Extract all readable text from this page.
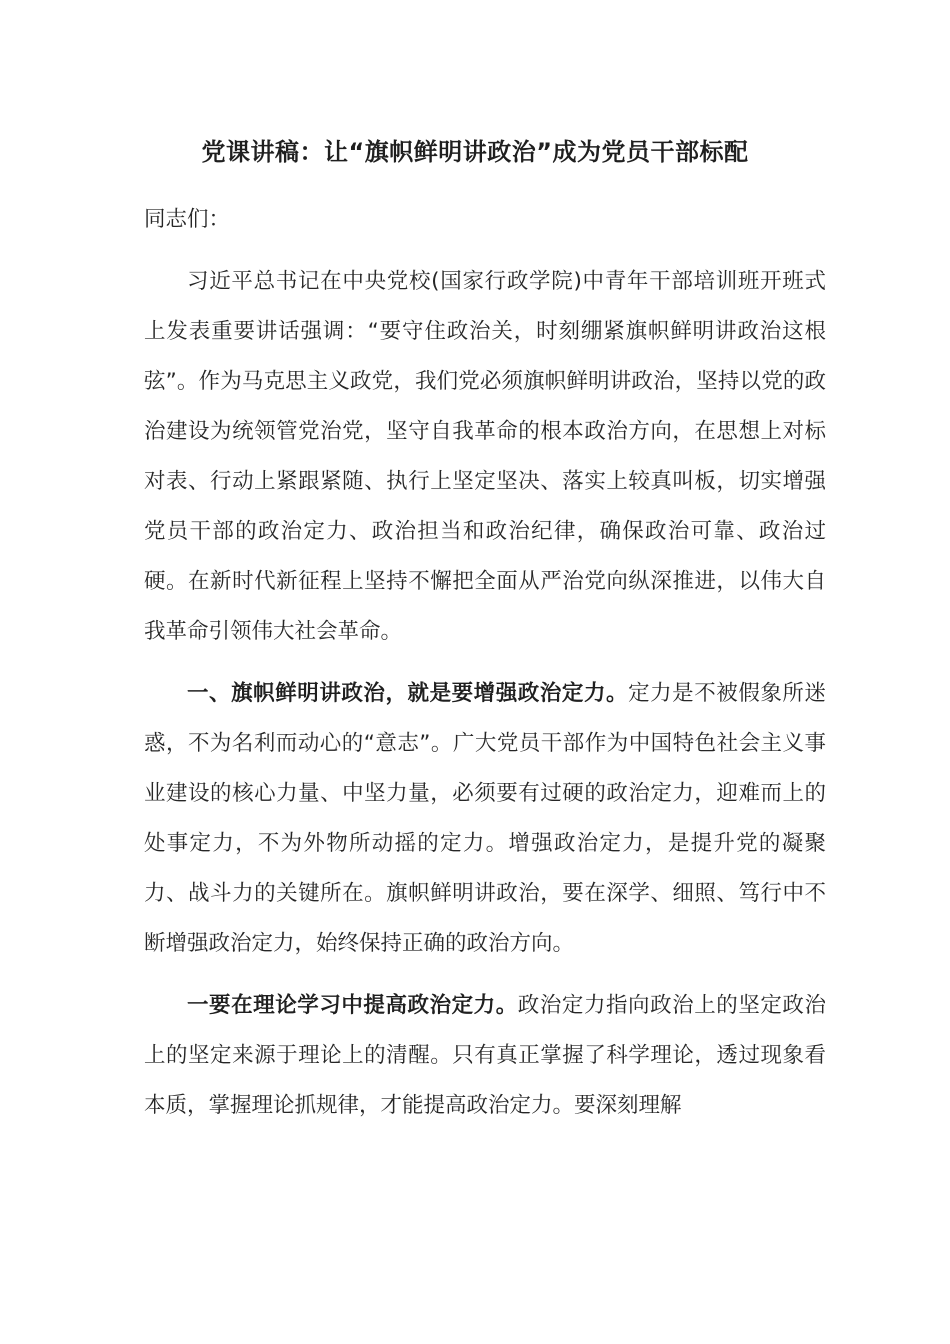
党课讲稿：让“旗帜鲜明讲政治”成为党员干部标配

同志们：

习近平总书记在中央党校(国家行政学院)中青年干部培训班开班式上发表重要讲话强调：“要守住政治关，时刻绷紧旗帜鲜明讲政治这根弦”。作为马克思主义政党，我们党必须旗帜鲜明讲政治，坚持以党的政治建设为统领管党治党，坚守自我革命的根本政治方向，在思想上对标对表、行动上紧跟紧随、执行上坚定坚决、落实上较真叫板，切实增强党员干部的政治定力、政治担当和政治纪律，确保政治可靠、政治过硬。在新时代新征程上坚持不懈把全面从严治党向纵深推进，以伟大自我革命引领伟大社会革命。

一、旗帜鲜明讲政治，就是要增强政治定力。定力是不被假象所迷惑，不为名利而动心的“意志”。广大党员干部作为中国特色社会主义事业建设的核心力量、中坚力量，必须要有过硬的政治定力，迎难而上的处事定力，不为外物所动摇的定力。增强政治定力，是提升党的凝聚力、战斗力的关键所在。旗帜鲜明讲政治，要在深学、细照、笃行中不断增强政治定力，始终保持正确的政治方向。

一要在理论学习中提高政治定力。政治定力指向政治上的坚定政治上的坚定来源于理论上的清醒。只有真正掌握了科学理论，透过现象看本质，掌握理论抓规律，才能提高政治定力。要深刻理解
